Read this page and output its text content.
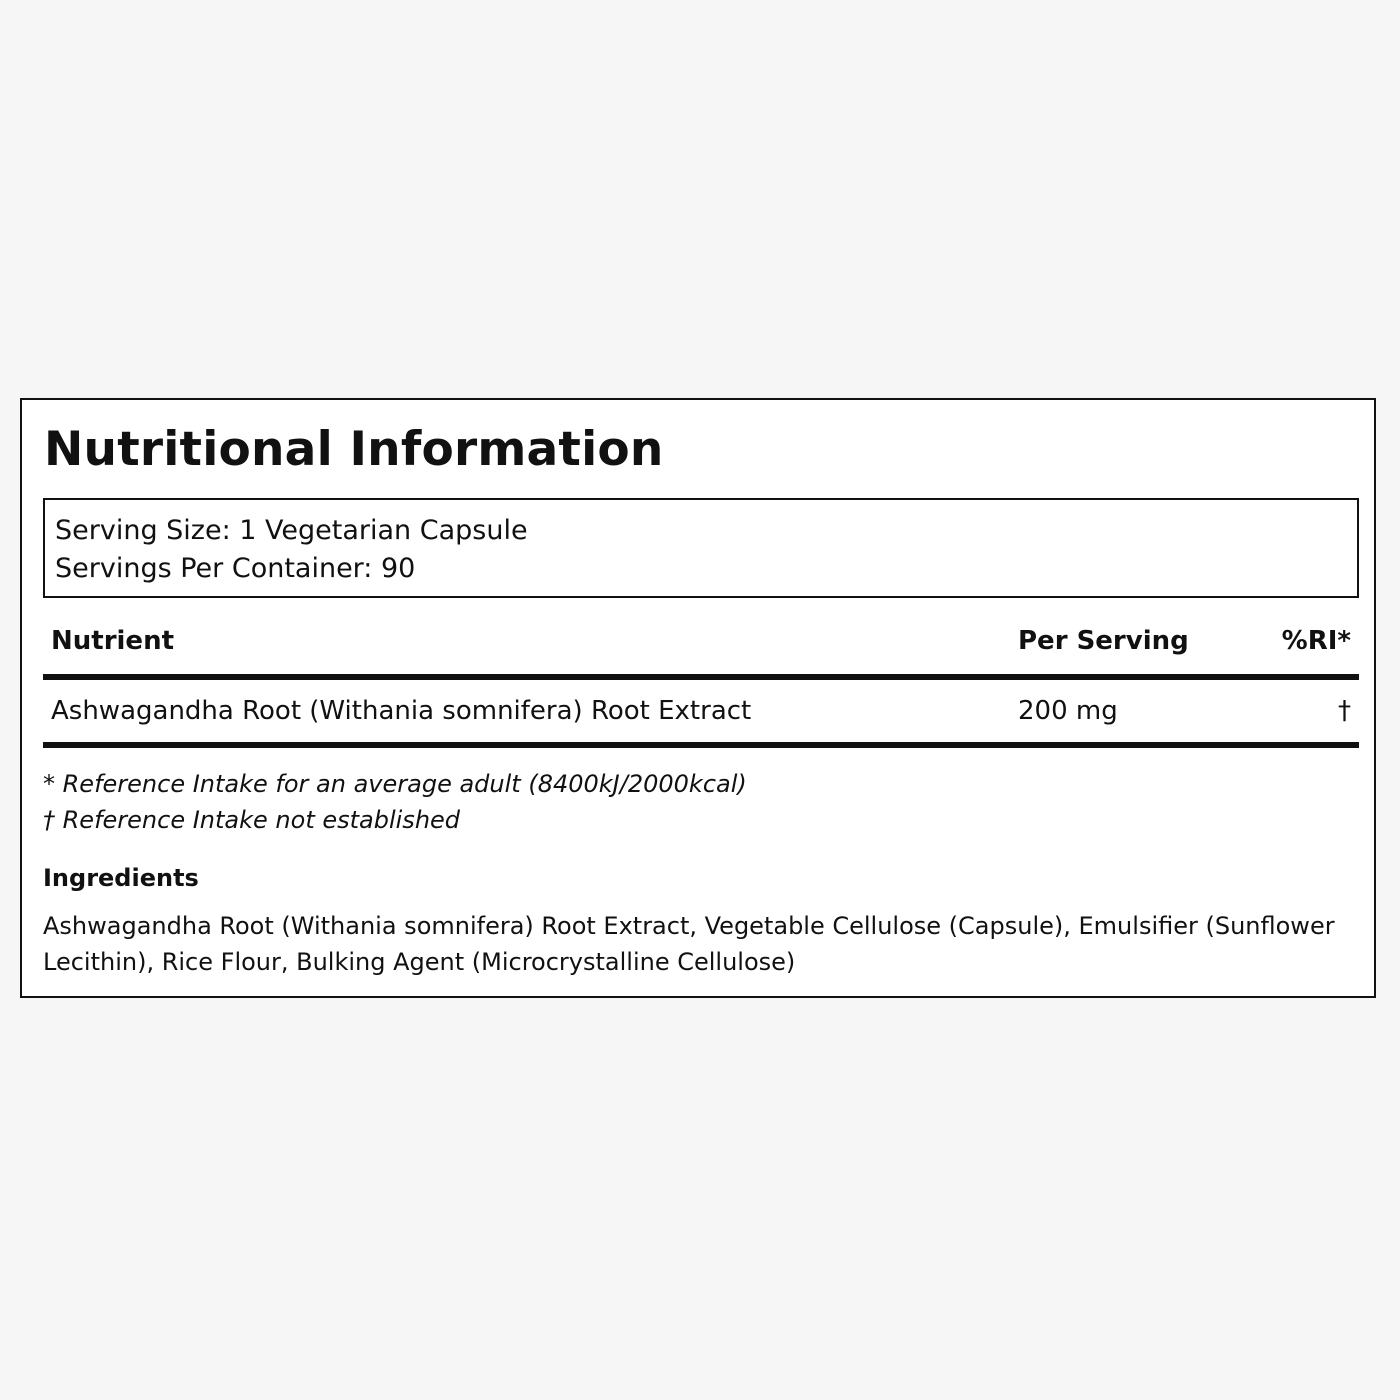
Nutritional Information
Serving Size: 1 Vegetarian Capsule
Servings Per Container: 90
Nutrient	Per Serving	%RI*
Ashwagandha Root (Withania somnifera) Root Extract	200 mg	†
* Reference Intake for an average adult (8400kJ/2000kcal)
† Reference Intake not established
Ingredients

Ashwagandha Root (Withania somnifera) Root Extract, Vegetable Cellulose (Capsule), Emulsifier (Sunflower Lecithin), Rice Flour, Bulking Agent (Microcrystalline Cellulose)
